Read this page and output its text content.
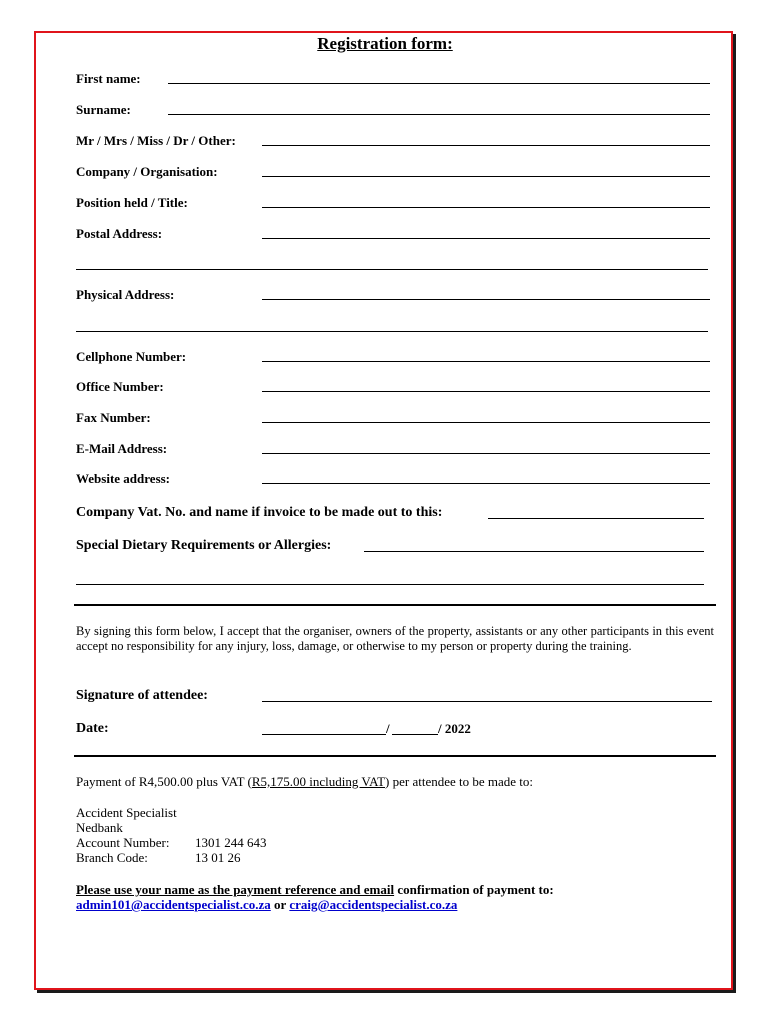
Registration form:
First name:
Surname:
Mr / Mrs / Miss / Dr / Other:
Company / Organisation:
Position held / Title:
Postal Address:
Physical Address:
Cellphone Number:
Office Number:
Fax Number:
E-Mail Address:
Website address:
Company Vat. No. and name if invoice to be made out to this:
Special Dietary Requirements or Allergies:
By signing this form below, I accept that the organiser, owners of the property, assistants or any other participants in this event accept no responsibility for any injury, loss, damage, or otherwise to my person or property during the training.
Signature of attendee:
Date:	/	/ 2022
Payment of R4,500.00 plus VAT (R5,175.00 including VAT) per attendee to be made to:
Accident Specialist
Nedbank
Account Number: 1301 244 643
Branch Code:	13 01 26
Please use your name as the payment reference and email confirmation of payment to:
admin101@accidentspecialist.co.za or craig@accidentspecialist.co.za
